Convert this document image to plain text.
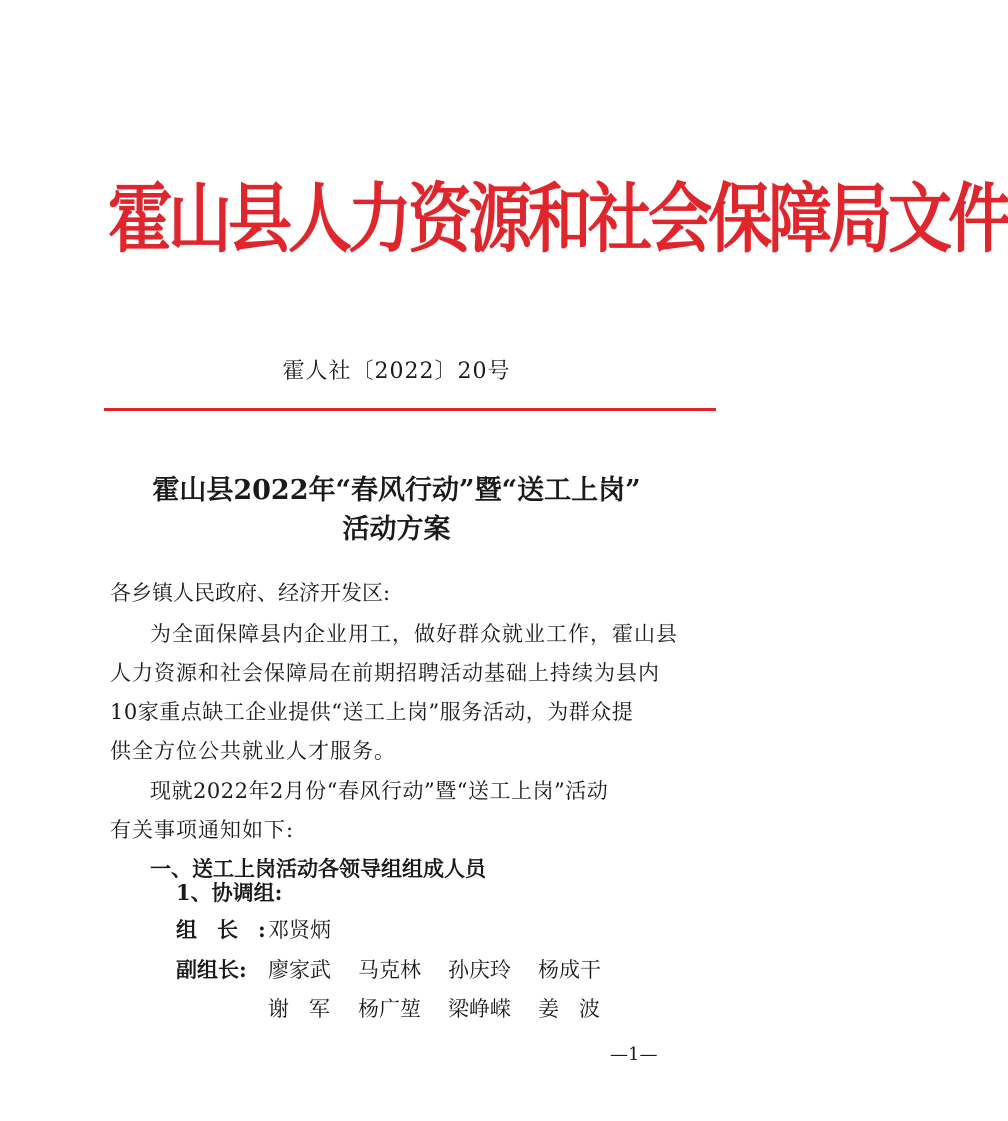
霍山县人力资源和社会保障局文件
霍人社〔2022〕20号
霍山县2022年“春风行动”暨“送工上岗”
活动方案
各乡镇人民政府、经济开发区:
为全面保障县内企业用工，做好群众就业工作，霍山县
人力资源和社会保障局在前期招聘活动基础上持续为县内
10家重点缺工企业提供“送工上岗”服务活动，为群众提
供全方位公共就业人才服务。
现就2022年2月份“春风行动”暨“送工上岗”活动
有关事项通知如下:
一、送工上岗活动各领导组组成人员
1、协调组:
组长:
邓贤炳
副组长: 廖家武 马克林 孙庆玲 杨成干
谢军 杨广堃 梁峥嵘 姜波
—1—
